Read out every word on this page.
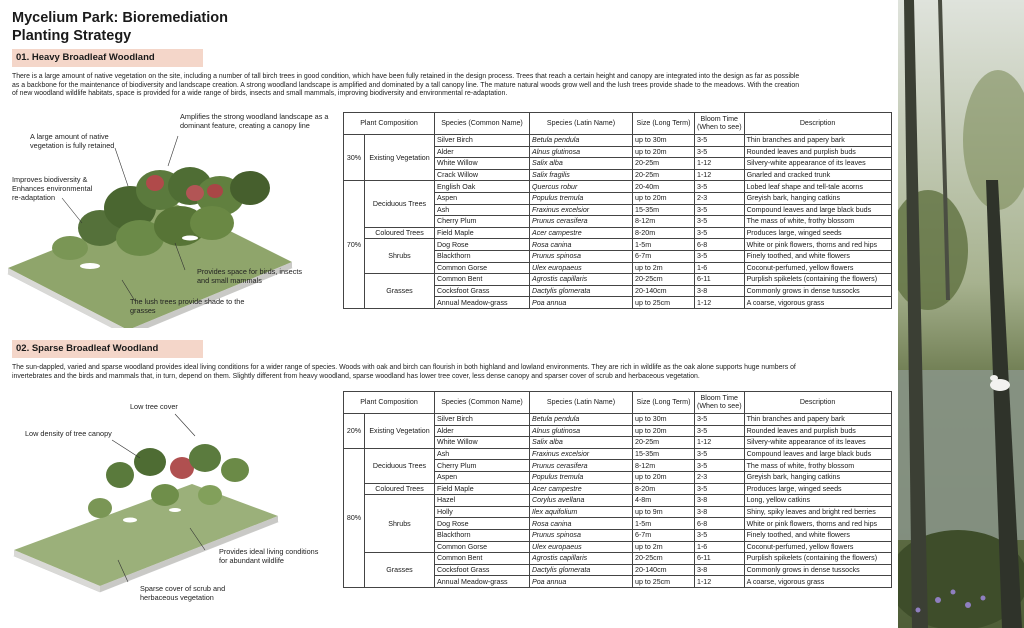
Mycelium Park: Bioremediation
Planting Strategy
01. Heavy Broadleaf Woodland
There is a large amount of native vegetation on the site, including a number of tall birch trees in good condition, which have been fully retained in the design process. Trees that reach a certain height and canopy are integrated into the design as far as possible as a backbone for the maintenance of biodiversity and landscape creation. A strong woodland landscape is amplified and dominated by a tall canopy line. The mature natural woods grow well and the lush trees provide shade to the meadows. With the creation of new woodland wildlife habitats, space is provided for a wide range of birds, insects and small mammals, improving biodiversity and environmental re-adaptation.
Amplifies the strong woodland landscape as a
dominant feature, creating a canopy line
A large amount of native
vegetation is fully retained
Improves biodiversity &
Enhances environmental
re-adaptation
Provides space for birds, insects
and small mammals
The lush trees provide shade to the
grasses
Plant Composition		Species (Common Name)	Species (Latin Name)	Size (Long Term)	Bloom Time
(When to see)	Description
30%	Existing Vegetation	Silver Birch	Betula pendula	up to 30m	3-5	Thin branches and papery bark
		Alder	Alnus glutinosa	up to 20m	3-5	Rounded leaves and purplish buds
		White Willow	Salix alba	20-25m	1-12	Silvery-white appearance of its leaves
		Crack Willow	Salix fragilis	20-25m	1-12	Gnarled and cracked trunk
70%	Deciduous Trees	English Oak	Quercus robur	20-40m	3-5	Lobed leaf shape and tell-tale acorns
		Aspen	Populus tremula	up to 20m	2-3	Greyish bark, hanging catkins
		Ash	Fraxinus excelsior	15-35m	3-5	Compound leaves and large black buds
		Cherry Plum	Prunus cerasifera	8-12m	3-5	The mass of white, frothy blossom
	Coloured Trees	Field Maple	Acer campestre	8-20m	3-5	Produces large, winged seeds
	Shrubs	Dog Rose	Rosa canina	1-5m	6-8	White or pink flowers, thorns and red hips
		Blackthorn	Prunus spinosa	6-7m	3-5	Finely toothed, and white flowers
		Common Gorse	Ulex europaeus	up to 2m	1-6	Coconut-perfumed, yellow flowers
	Grasses	Common Bent	Agrostis capillaris	20-25cm	6-11	Purplish spikelets (containing the flowers)
		Cocksfoot Grass	Dactylis glomerata	20-140cm	3-8	Commonly grows in dense tussocks
		Annual Meadow-grass	Poa annua	up to 25cm	1-12	A coarse, vigorous grass
02. Sparse Broadleaf Woodland
The sun-dappled, varied and sparse woodland provides ideal living conditions for a wider range of species. Woods with oak and birch can flourish in both highland and lowland environments. They are rich in wildlife as the oak alone supports huge numbers of invertebrates and the birds and mammals that, in turn, depend on them. Slightly different from heavy woodland, sparse woodland has lower tree cover, less dense canopy and sparser cover of scrub and herbaceous vegetation.
Low tree cover
Low density of tree canopy
Provides ideal living conditions
for abundant wildlife
Sparse cover of scrub and
herbaceous vegetation
Plant Composition		Species (Common Name)	Species (Latin Name)	Size (Long Term)	Bloom Time
(When to see)	Description
20%	Existing Vegetation	Silver Birch	Betula pendula	up to 30m	3-5	Thin branches and papery bark
		Alder	Alnus glutinosa	up to 20m	3-5	Rounded leaves and purplish buds
		White Willow	Salix alba	20-25m	1-12	Silvery-white appearance of its leaves
80%	Deciduous Trees	Ash	Fraxinus excelsior	15-35m	3-5	Compound leaves and large black buds
		Cherry Plum	Prunus cerasifera	8-12m	3-5	The mass of white, frothy blossom
		Aspen	Populus tremula	up to 20m	2-3	Greyish bark, hanging catkins
	Coloured Trees	Field Maple	Acer campestre	8-20m	3-5	Produces large, winged seeds
	Shrubs	Hazel	Corylus avellana	4-8m	3-8	Long, yellow catkins
		Holly	Ilex aquifolium	up to 9m	3-8	Shiny, spiky leaves and bright red berries
		Dog Rose	Rosa canina	1-5m	6-8	White or pink flowers, thorns and red hips
		Blackthorn	Prunus spinosa	6-7m	3-5	Finely toothed, and white flowers
		Common Gorse	Ulex europaeus	up to 2m	1-6	Coconut-perfumed, yellow flowers
	Grasses	Common Bent	Agrostis capillaris	20-25cm	6-11	Purplish spikelets (containing the flowers)
		Cocksfoot Grass	Dactylis glomerata	20-140cm	3-8	Commonly grows in dense tussocks
		Annual Meadow-grass	Poa annua	up to 25cm	1-12	A coarse, vigorous grass
